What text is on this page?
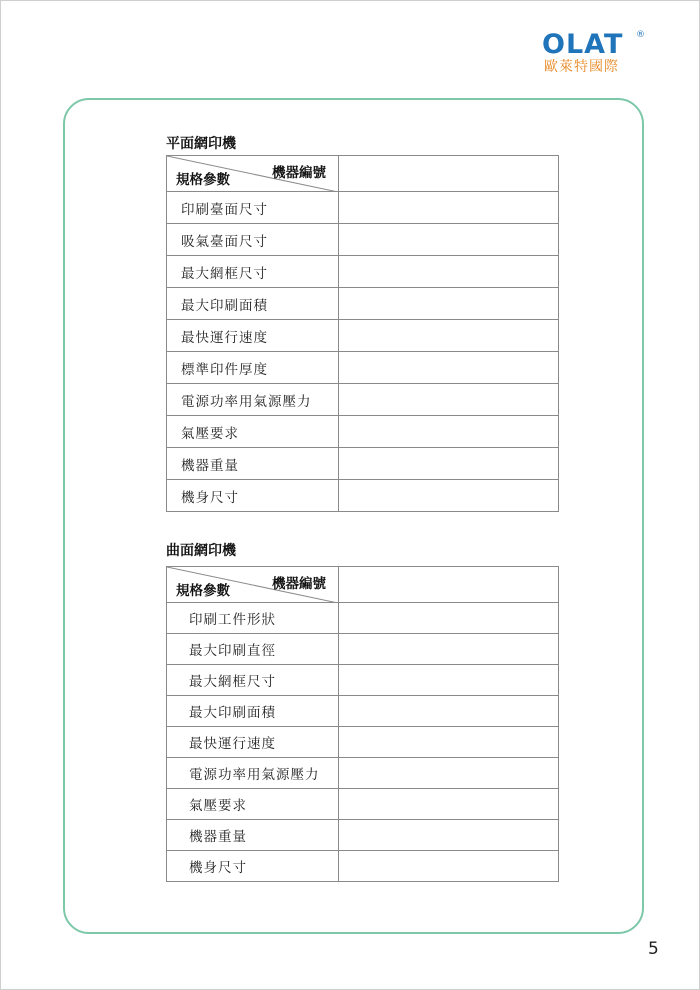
OLAT ®
歐萊特國際
平面網印機
機器編號
規格參數	

印刷臺面尺寸	
吸氣臺面尺寸	
最大網框尺寸	
最大印刷面積	
最快運行速度	
標準印件厚度	
電源功率用氣源壓力	
氣壓要求	
機器重量	
機身尺寸	
曲面網印機
機器編號
規格參數	

印刷工件形狀	
最大印刷直徑	
最大網框尺寸	
最大印刷面積	
最快運行速度	
電源功率用氣源壓力	
氣壓要求	
機器重量	
機身尺寸	
5
